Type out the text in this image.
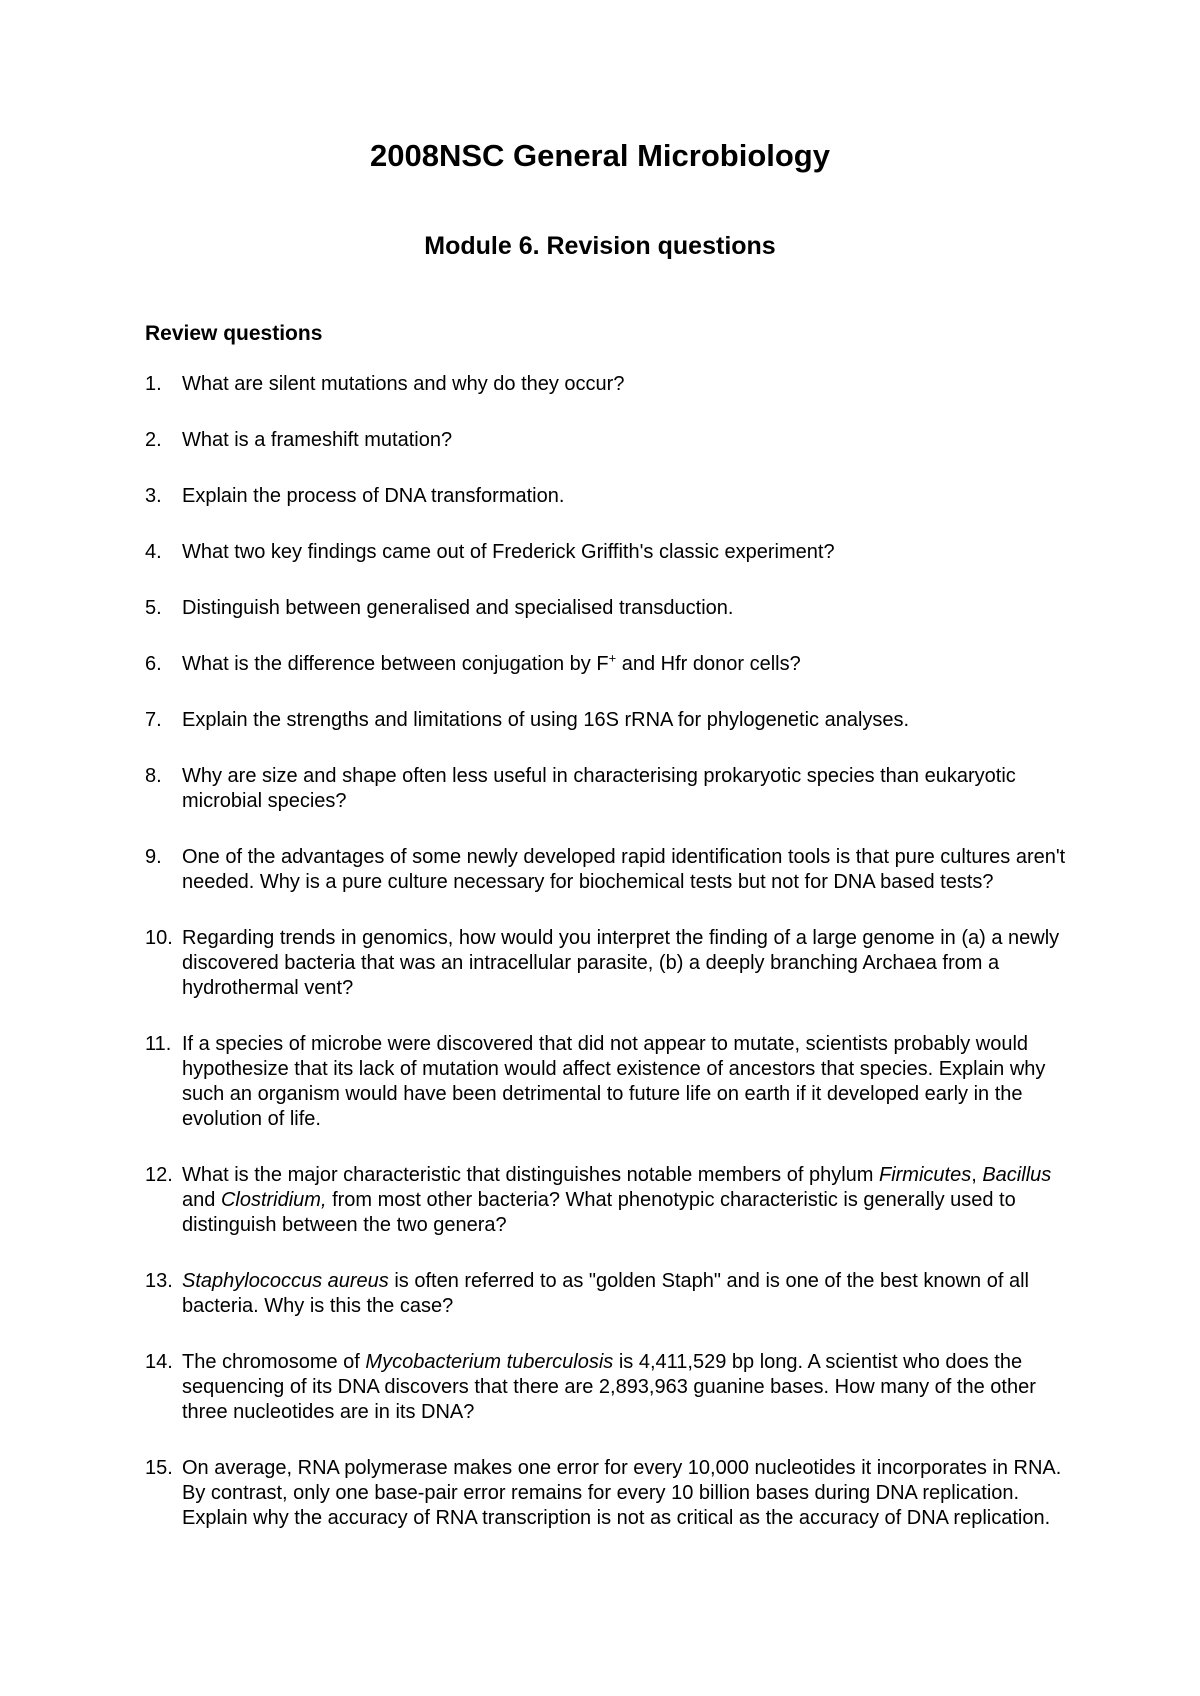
2008NSC General Microbiology
Module 6. Revision questions
Review questions
1.	What are silent mutations and why do they occur?
2.	What is a frameshift mutation?
3.	Explain the process of DNA transformation.
4.	What two key findings came out of Frederick Griffith's classic experiment?
5.	Distinguish between generalised and specialised transduction.
6.	What is the difference between conjugation by F+ and Hfr donor cells?
7.	Explain the strengths and limitations of using 16S rRNA for phylogenetic analyses.
8.	Why are size and shape often less useful in characterising prokaryotic species than eukaryotic microbial species?
9.	One of the advantages of some newly developed rapid identification tools is that pure cultures aren't needed. Why is a pure culture necessary for biochemical tests but not for DNA based tests?
10. Regarding trends in genomics, how would you interpret the finding of a large genome in (a) a newly discovered bacteria that was an intracellular parasite, (b) a deeply branching Archaea from a hydrothermal vent?
11. If a species of microbe were discovered that did not appear to mutate, scientists probably would hypothesize that its lack of mutation would affect existence of ancestors that species. Explain why such an organism would have been detrimental to future life on earth if it developed early in the evolution of life.
12. What is the major characteristic that distinguishes notable members of phylum Firmicutes, Bacillus and Clostridium, from most other bacteria? What phenotypic characteristic is generally used to distinguish between the two genera?
13. Staphylococcus aureus is often referred to as "golden Staph" and is one of the best known of all bacteria. Why is this the case?
14. The chromosome of Mycobacterium tuberculosis is 4,411,529 bp long. A scientist who does the sequencing of its DNA discovers that there are 2,893,963 guanine bases. How many of the other three nucleotides are in its DNA?
15. On average, RNA polymerase makes one error for every 10,000 nucleotides it incorporates in RNA. By contrast, only one base-pair error remains for every 10 billion bases during DNA replication. Explain why the accuracy of RNA transcription is not as critical as the accuracy of DNA replication.
